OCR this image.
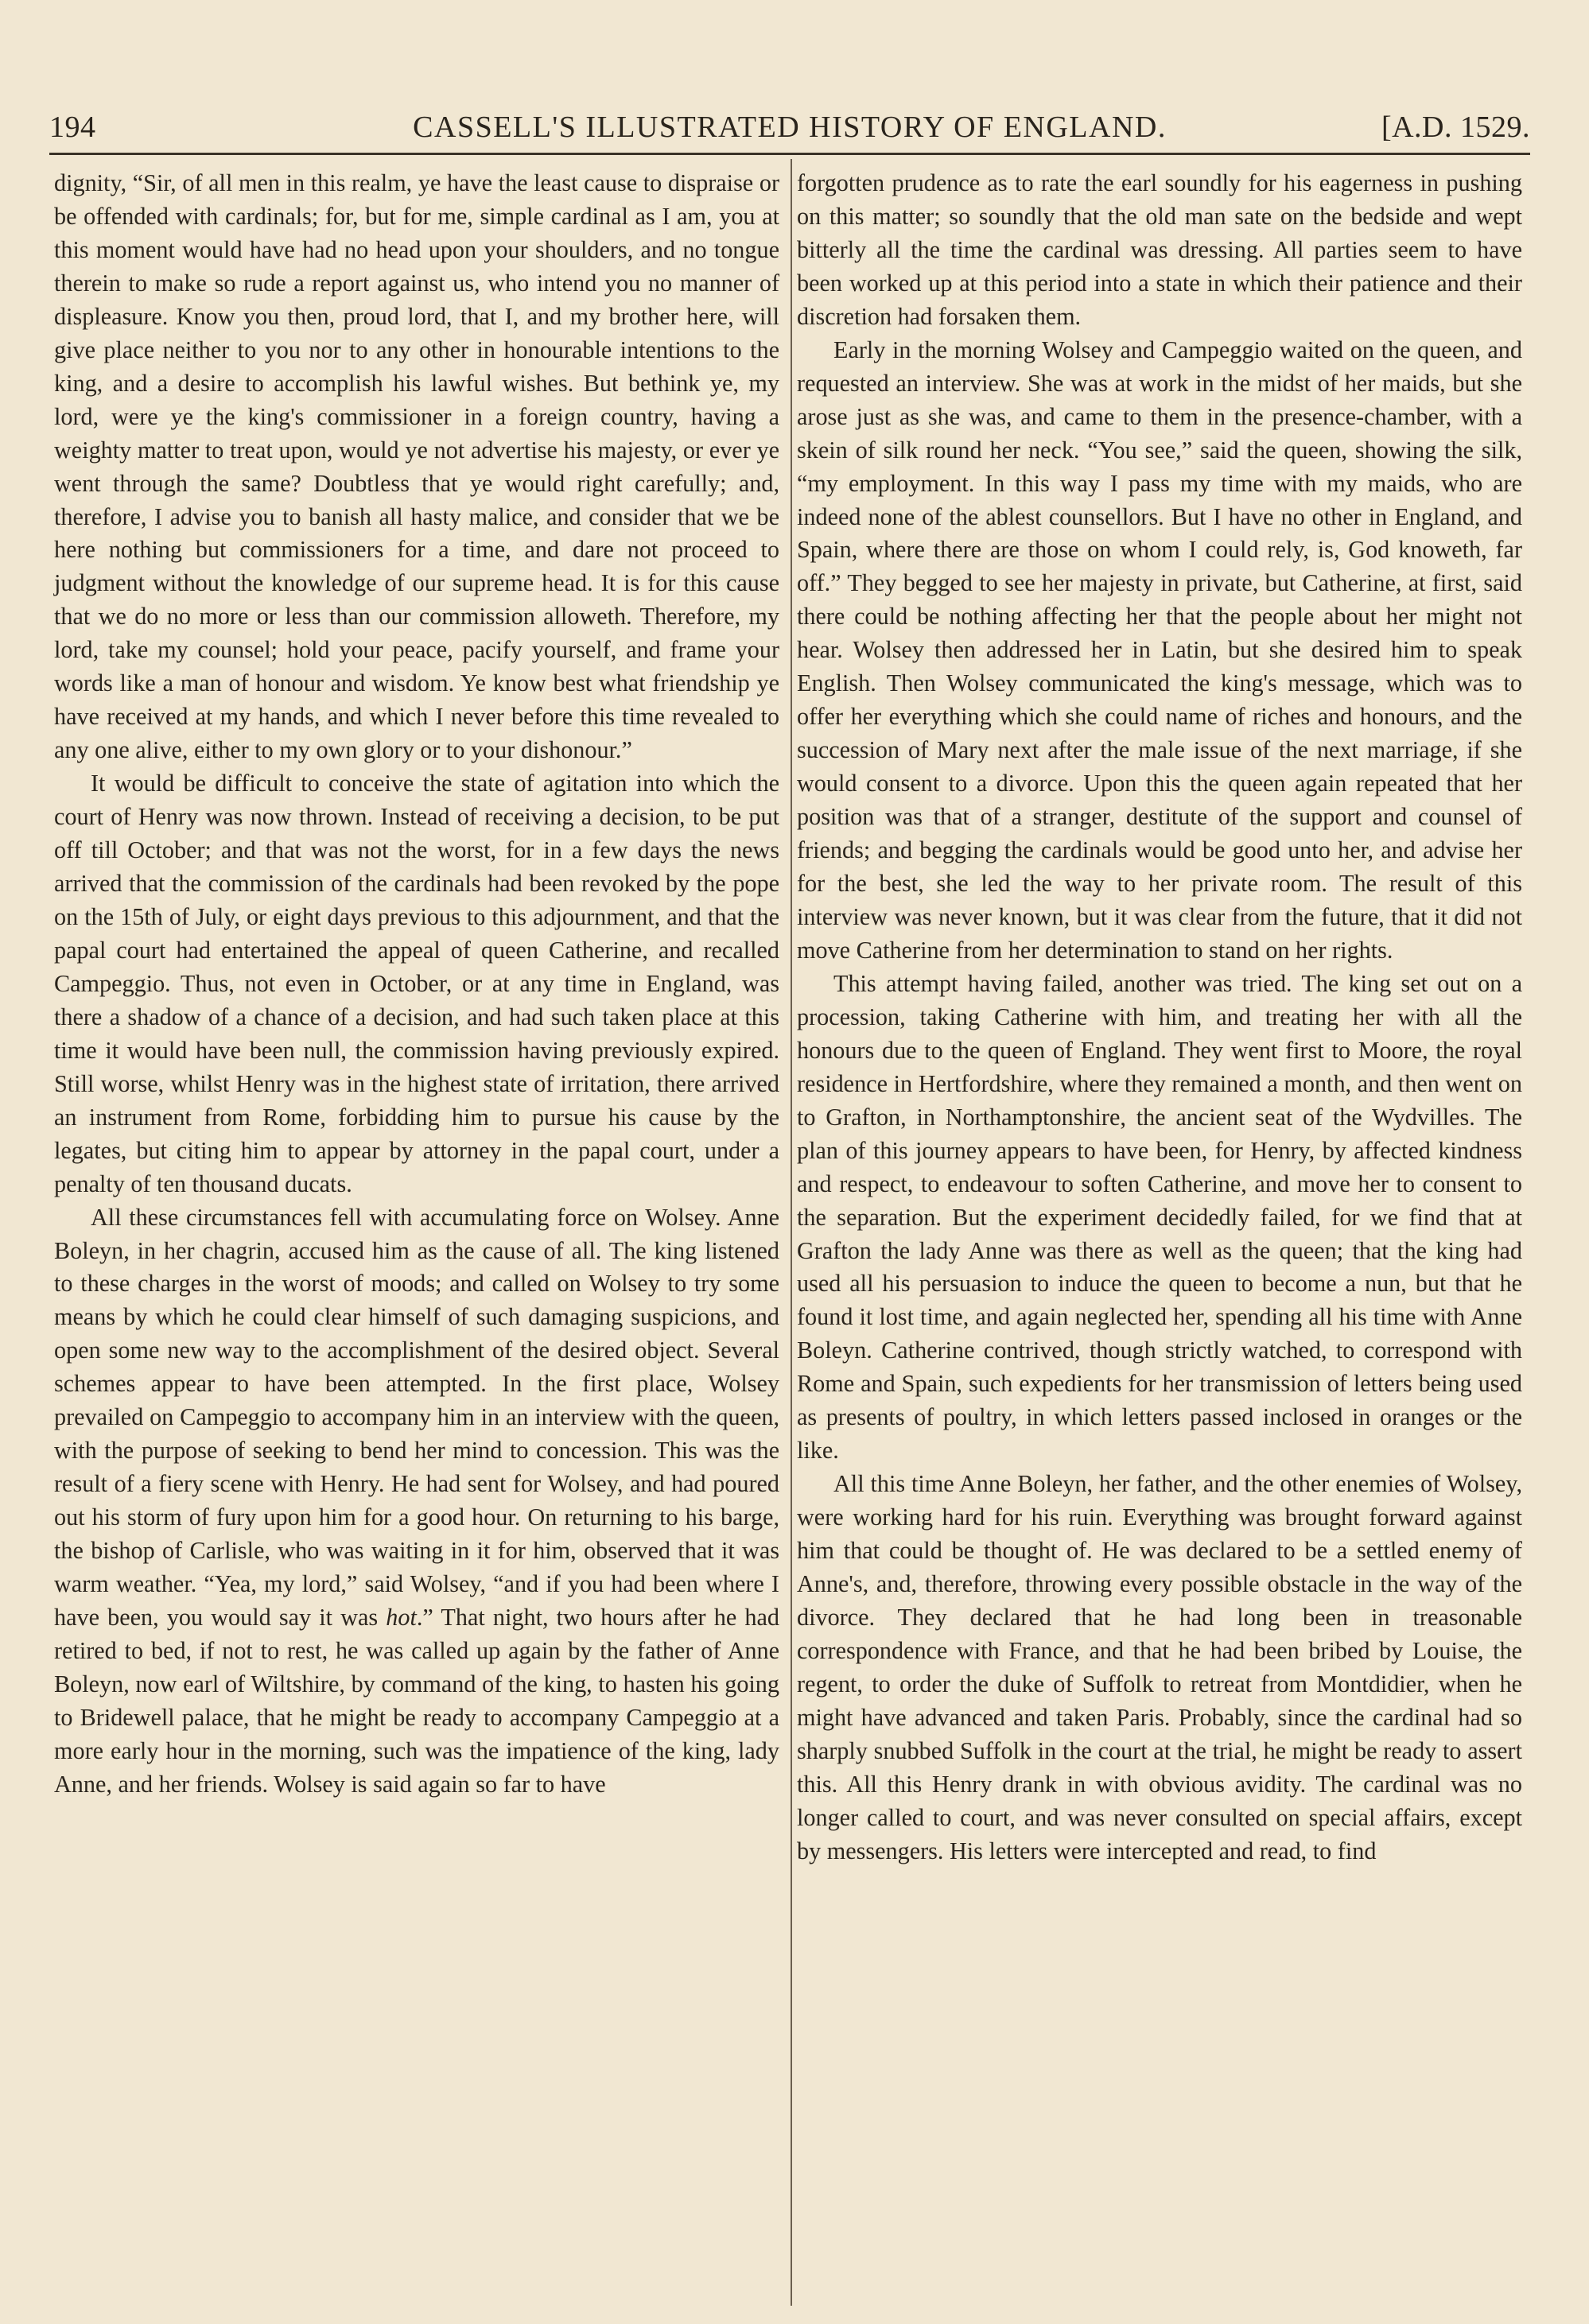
194	CASSELL'S ILLUSTRATED HISTORY OF ENGLAND.	[A.D. 1529.

dignity, “Sir, of all men in this realm, ye have the least cause to dispraise or be offended with cardinals; for, but for me, simple cardinal as I am, you at this moment would have had no head upon your shoulders, and no tongue therein to make so rude a report against us, who intend you no manner of displeasure. Know you then, proud lord, that I, and my brother here, will give place neither to you nor to any other in honourable intentions to the king, and a desire to accomplish his lawful wishes. But bethink ye, my lord, were ye the king's commissioner in a foreign country, having a weighty matter to treat upon, would ye not advertise his majesty, or ever ye went through the same? Doubtless that ye would right carefully; and, therefore, I advise you to banish all hasty malice, and consider that we be here nothing but commissioners for a time, and dare not proceed to judgment without the knowledge of our supreme head. It is for this cause that we do no more or less than our commission alloweth. Therefore, my lord, take my counsel; hold your peace, pacify yourself, and frame your words like a man of honour and wisdom. Ye know best what friendship ye have received at my hands, and which I never before this time revealed to any one alive, either to my own glory or to your dishonour.”

It would be difficult to conceive the state of agitation into which the court of Henry was now thrown. Instead of receiving a decision, to be put off till October; and that was not the worst, for in a few days the news arrived that the commission of the cardinals had been revoked by the pope on the 15th of July, or eight days previous to this adjournment, and that the papal court had entertained the appeal of queen Catherine, and recalled Campeggio. Thus, not even in October, or at any time in England, was there a shadow of a chance of a decision, and had such taken place at this time it would have been null, the commission having previously expired. Still worse, whilst Henry was in the highest state of irritation, there arrived an instrument from Rome, forbidding him to pursue his cause by the legates, but citing him to appear by attorney in the papal court, under a penalty of ten thousand ducats.

All these circumstances fell with accumulating force on Wolsey. Anne Boleyn, in her chagrin, accused him as the cause of all. The king listened to these charges in the worst of moods; and called on Wolsey to try some means by which he could clear himself of such damaging suspicions, and open some new way to the accomplishment of the desired object. Several schemes appear to have been attempted. In the first place, Wolsey prevailed on Campeggio to accompany him in an interview with the queen, with the purpose of seeking to bend her mind to concession. This was the result of a fiery scene with Henry. He had sent for Wolsey, and had poured out his storm of fury upon him for a good hour. On returning to his barge, the bishop of Carlisle, who was waiting in it for him, observed that it was warm weather. “Yea, my lord,” said Wolsey, “and if you had been where I have been, you would say it was hot.” That night, two hours after he had retired to bed, if not to rest, he was called up again by the father of Anne Boleyn, now earl of Wiltshire, by command of the king, to hasten his going to Bridewell palace, that he might be ready to accompany Campeggio at a more early hour in the morning, such was the impatience of the king, lady Anne, and her friends. Wolsey is said again so far to have

forgotten prudence as to rate the earl soundly for his eagerness in pushing on this matter; so soundly that the old man sate on the bedside and wept bitterly all the time the cardinal was dressing. All parties seem to have been worked up at this period into a state in which their patience and their discretion had forsaken them.

Early in the morning Wolsey and Campeggio waited on the queen, and requested an interview. She was at work in the midst of her maids, but she arose just as she was, and came to them in the presence-chamber, with a skein of silk round her neck. “You see,” said the queen, showing the silk, “my employment. In this way I pass my time with my maids, who are indeed none of the ablest counsellors. But I have no other in England, and Spain, where there are those on whom I could rely, is, God knoweth, far off.” They begged to see her majesty in private, but Catherine, at first, said there could be nothing affecting her that the people about her might not hear. Wolsey then addressed her in Latin, but she desired him to speak English. Then Wolsey communicated the king's message, which was to offer her everything which she could name of riches and honours, and the succession of Mary next after the male issue of the next marriage, if she would consent to a divorce. Upon this the queen again repeated that her position was that of a stranger, destitute of the support and counsel of friends; and begging the cardinals would be good unto her, and advise her for the best, she led the way to her private room. The result of this interview was never known, but it was clear from the future, that it did not move Catherine from her determination to stand on her rights.

This attempt having failed, another was tried. The king set out on a procession, taking Catherine with him, and treating her with all the honours due to the queen of England. They went first to Moore, the royal residence in Hertfordshire, where they remained a month, and then went on to Grafton, in Northamptonshire, the ancient seat of the Wydvilles. The plan of this journey appears to have been, for Henry, by affected kindness and respect, to endeavour to soften Catherine, and move her to consent to the separation. But the experiment decidedly failed, for we find that at Grafton the lady Anne was there as well as the queen; that the king had used all his persuasion to induce the queen to become a nun, but that he found it lost time, and again neglected her, spending all his time with Anne Boleyn. Catherine contrived, though strictly watched, to correspond with Rome and Spain, such expedients for her transmission of letters being used as presents of poultry, in which letters passed inclosed in oranges or the like.

All this time Anne Boleyn, her father, and the other enemies of Wolsey, were working hard for his ruin. Everything was brought forward against him that could be thought of. He was declared to be a settled enemy of Anne's, and, therefore, throwing every possible obstacle in the way of the divorce. They declared that he had long been in treasonable correspondence with France, and that he had been bribed by Louise, the regent, to order the duke of Suffolk to retreat from Montdidier, when he might have advanced and taken Paris. Probably, since the cardinal had so sharply snubbed Suffolk in the court at the trial, he might be ready to assert this. All this Henry drank in with obvious avidity. The cardinal was no longer called to court, and was never consulted on special affairs, except by messengers. His letters were intercepted and read, to find
